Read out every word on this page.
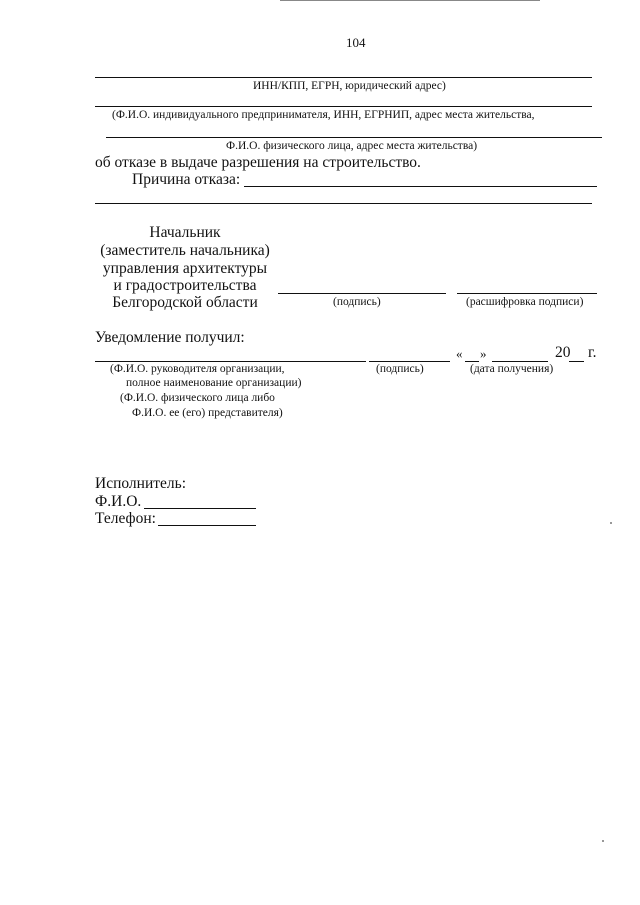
104
ИНН/КПП, ЕГРН, юридический адрес)
(Ф.И.О. индивидуального предпринимателя, ИНН, ЕГРНИП, адрес места жительства,
Ф.И.О. физического лица, адрес места жительства)
об отказе в выдаче разрешения на строительство.
Причина отказа:
Начальник
(заместитель начальника)
управления архитектуры
и градостроительства
Белгородской области	(подпись)	(расшифровка подписи)
Уведомление получил:
« »	20 г.
(Ф.И.О. руководителя организации,
полное наименование организации)
(Ф.И.О. физического лица либо
Ф.И.О. ее (его) представителя)
(подпись)	(дата получения)
Исполнитель:
Ф.И.О.
Телефон:
